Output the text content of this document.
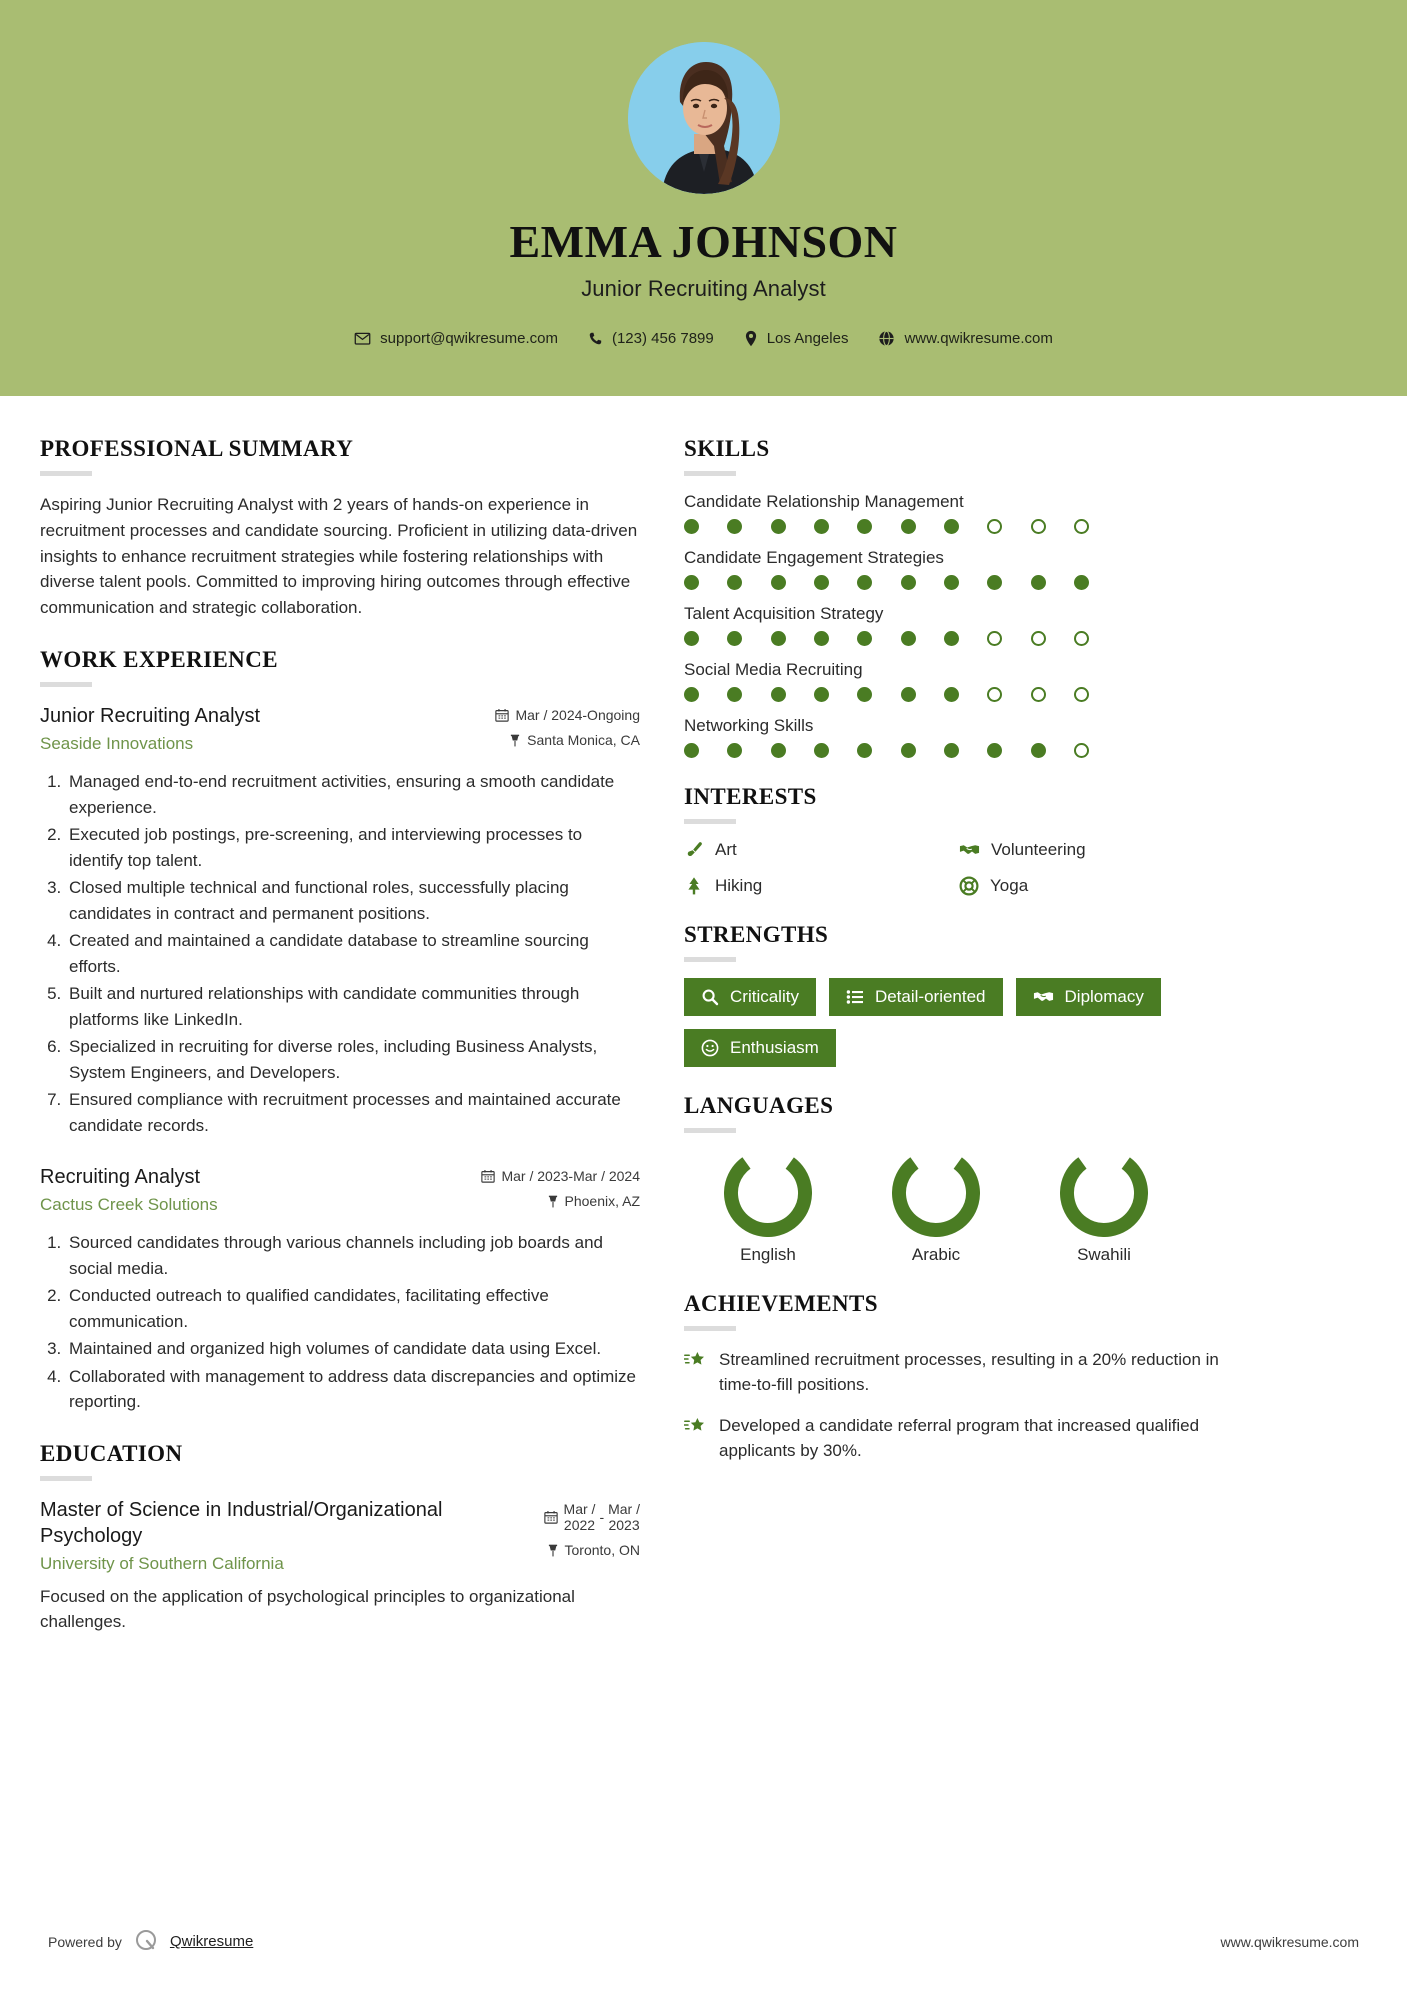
EMMA JOHNSON
Junior Recruiting Analyst
support@qwikresume.com	(123) 456 7899	Los Angeles	www.qwikresume.com
PROFESSIONAL SUMMARY
Aspiring Junior Recruiting Analyst with 2 years of hands-on experience in recruitment processes and candidate sourcing. Proficient in utilizing data-driven insights to enhance recruitment strategies while fostering relationships with diverse talent pools. Committed to improving hiring outcomes through effective communication and strategic collaboration.
WORK EXPERIENCE
Junior Recruiting Analyst
Seaside Innovations
Mar / 2024-Ongoing
Santa Monica, CA
1. Managed end-to-end recruitment activities, ensuring a smooth candidate experience.
2. Executed job postings, pre-screening, and interviewing processes to identify top talent.
3. Closed multiple technical and functional roles, successfully placing candidates in contract and permanent positions.
4. Created and maintained a candidate database to streamline sourcing efforts.
5. Built and nurtured relationships with candidate communities through platforms like LinkedIn.
6. Specialized in recruiting for diverse roles, including Business Analysts, System Engineers, and Developers.
7. Ensured compliance with recruitment processes and maintained accurate candidate records.
Recruiting Analyst
Cactus Creek Solutions
Mar / 2023-Mar / 2024
Phoenix, AZ
1. Sourced candidates through various channels including job boards and social media.
2. Conducted outreach to qualified candidates, facilitating effective communication.
3. Maintained and organized high volumes of candidate data using Excel.
4. Collaborated with management to address data discrepancies and optimize reporting.
EDUCATION
Master of Science in Industrial/Organizational Psychology
University of Southern California
Mar /
2022
-
Mar /
2023
Toronto, ON
Focused on the application of psychological principles to organizational challenges.
SKILLS
Candidate Relationship Management
Candidate Engagement Strategies
Talent Acquisition Strategy
Social Media Recruiting
Networking Skills
INTERESTS
Art	Volunteering
Hiking	Yoga
STRENGTHS
Criticality	Detail-oriented	Diplomacy
Enthusiasm
LANGUAGES
English	Arabic	Swahili
ACHIEVEMENTS
Streamlined recruitment processes, resulting in a 20% reduction in time-to-fill positions.
Developed a candidate referral program that increased qualified applicants by 30%.
Powered by	Qwikresume	www.qwikresume.com
